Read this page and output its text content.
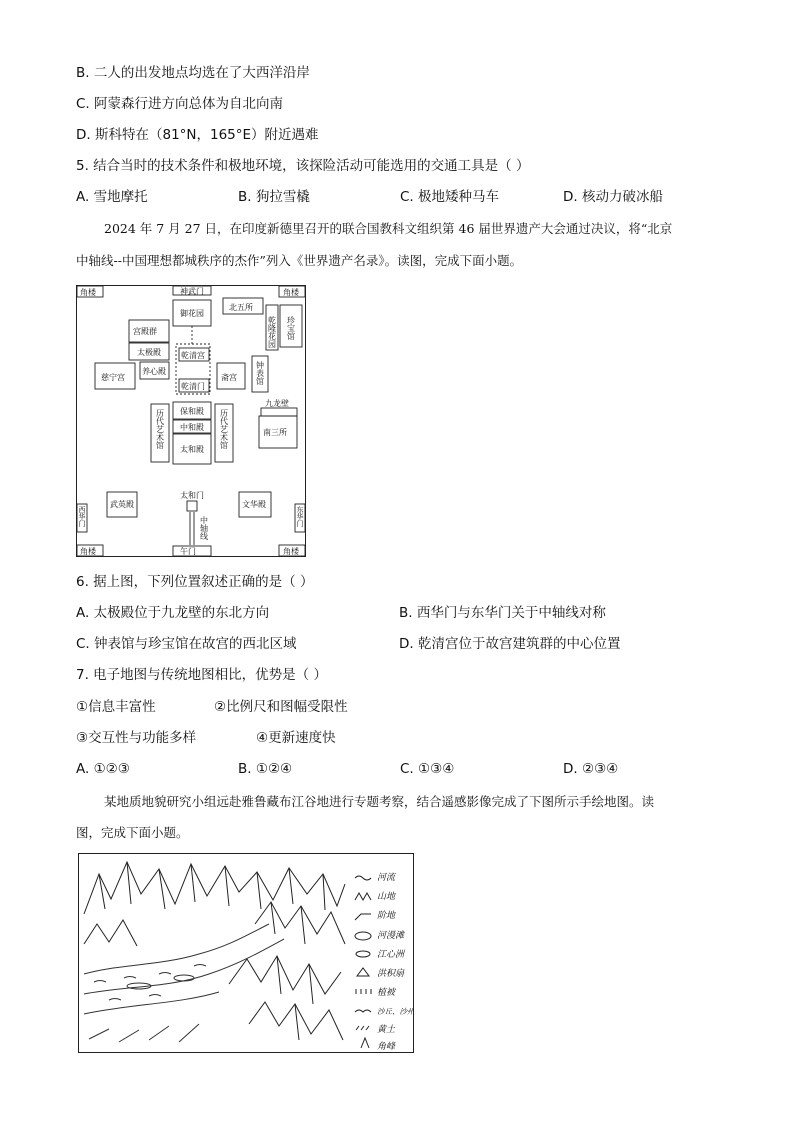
B. 二人的出发地点均选在了大西洋沿岸
C. 阿蒙森行进方向总体为自北向南
D. 斯科特在（81°N，165°E）附近遇难
5. 结合当时的技术条件和极地环境，该探险活动可能选用的交通工具是（ ）
A. 雪地摩托	B. 狗拉雪橇	C. 极地矮种马车	D. 核动力破冰船
2024 年 7 月 27 日，在印度新德里召开的联合国教科文组织第 46 届世界遗产大会通过决议，将“北京
中轴线--中国理想都城秩序的杰作”列入《世界遗产名录》。读图，完成下面小题。
角楼	角楼
角楼	角楼
神武门
御花园
北五所
宫殿群
太极殿
养心殿
乾清宫
乾清门
慈宁宫	斋宫
九龙壁
南三所
保和殿
中和殿
太和殿
太和门
武英殿	文华殿
午门
乾隆花园 珍宝馆
钟表馆
历代艺术馆	历代艺术馆
西华门	东华门
中轴线
6. 据上图，下列位置叙述正确的是（ ）
A. 太极殿位于九龙壁的东北方向	B. 西华门与东华门关于中轴线对称
C. 钟表馆与珍宝馆在故宫的西北区域	D. 乾清宫位于故宫建筑群的中心位置
7. 电子地图与传统地图相比，优势是（ ）
①信息丰富性	②比例尺和图幅受限性
③交互性与功能多样	④更新速度快
A. ①②③	B. ①②④	C. ①③④	D. ②③④
某地质地貌研究小组远赴雅鲁藏布江谷地进行专题考察，结合遥感影像完成了下图所示手绘地图。读
图，完成下面小题。
河流
山地
阶地
河漫滩
江心洲
洪积扇
植被
沙丘、沙州
黄土
角峰
